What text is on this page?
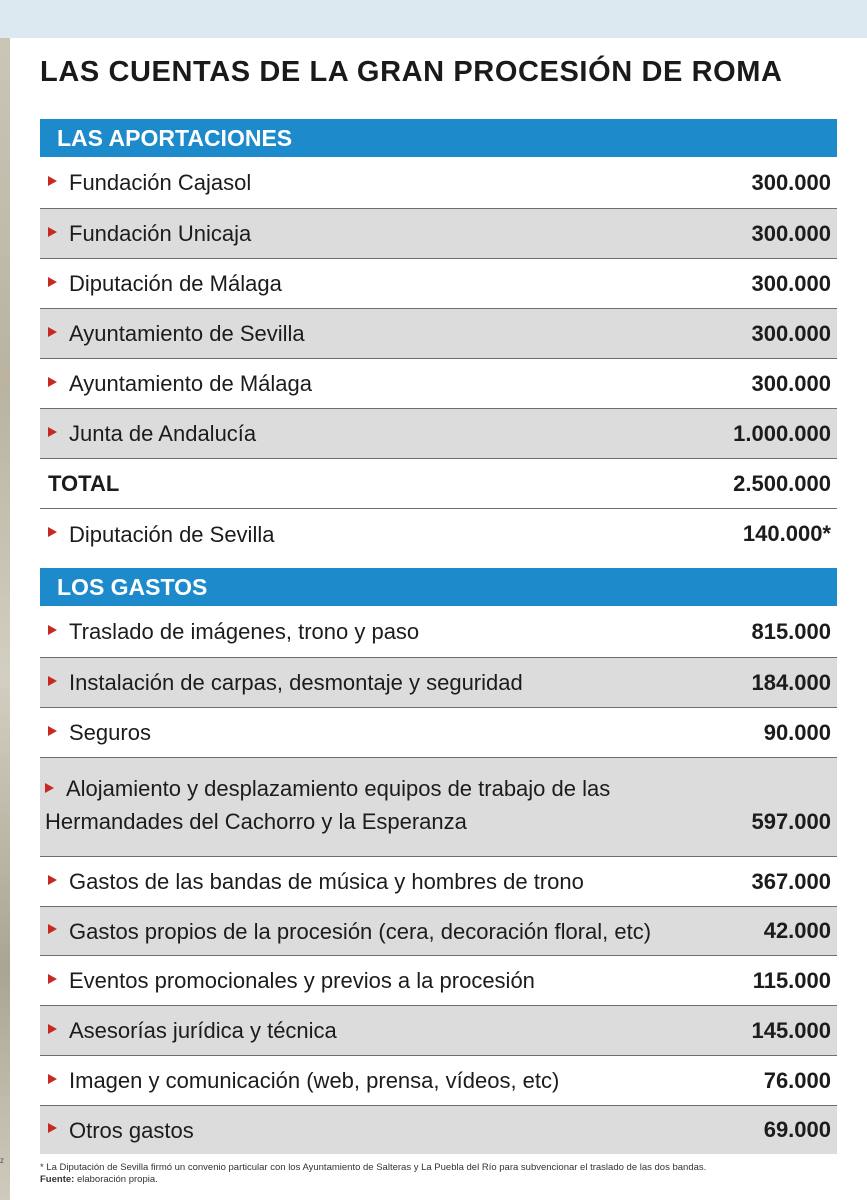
z
LAS CUENTAS DE LA GRAN PROCESIÓN DE ROMA
LAS APORTACIONES
Fundación Cajasol	300.000
Fundación Unicaja	300.000
Diputación de Málaga	300.000
Ayuntamiento de Sevilla	300.000
Ayuntamiento de Málaga	300.000
Junta de Andalucía	1.000.000
TOTAL	2.500.000
Diputación de Sevilla	140.000*
LOS GASTOS
Traslado de imágenes, trono y paso	815.000
Instalación de carpas, desmontaje y seguridad	184.000
Seguros	90.000
Alojamiento y desplazamiento equipos de trabajo de las
Hermandades del Cachorro y la Esperanza	597.000
Gastos de las bandas de música y hombres de trono	367.000
Gastos propios de la procesión (cera, decoración floral, etc)	42.000
Eventos promocionales y previos a la procesión	115.000
Asesorías jurídica y técnica	145.000
Imagen y comunicación (web, prensa, vídeos, etc)	76.000
Otros gastos	69.000
* La Diputación de Sevilla firmó un convenio particular con los Ayuntamiento de Salteras y La Puebla del Río para subvencionar el traslado de las dos bandas.
Fuente: elaboración propia.
